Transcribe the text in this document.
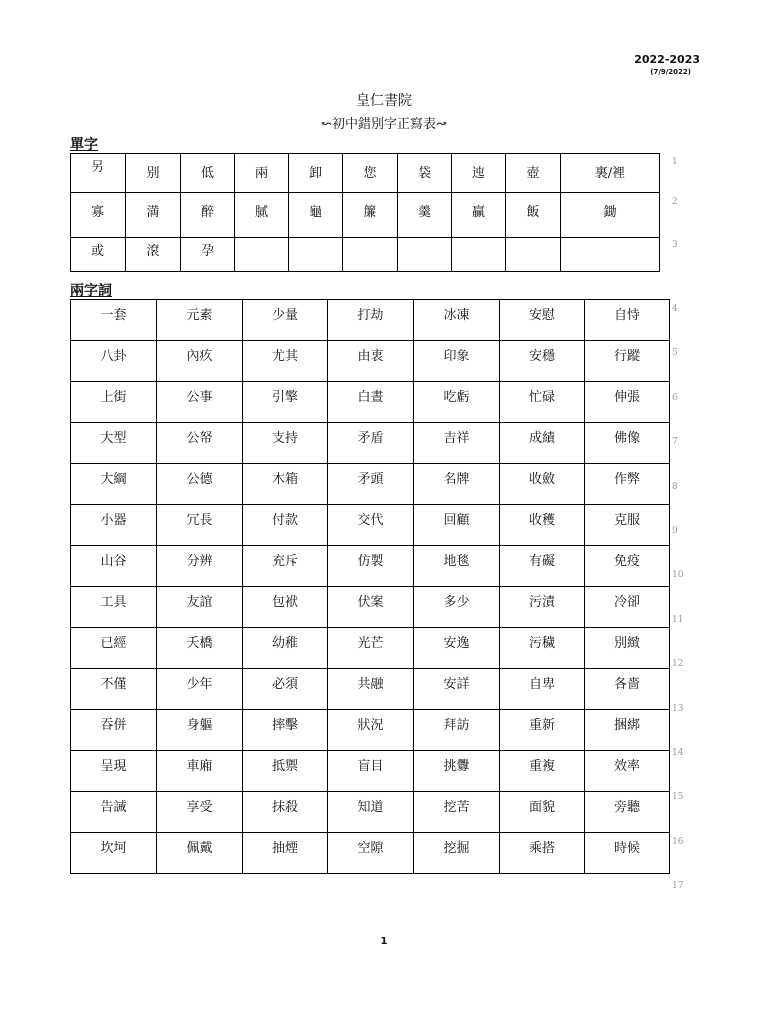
2022-2023
(7/9/2022)
皇仁書院
↜初中錯別字正寫表↝
單字
另	别	低	兩	卸	您	袋	迍	壺	裏/裡
寡	満	醉	膩	龜	簾	羹	贏	飯	鋤
或	滾	孕							
兩字詞
一套	元素	少量	打劫	冰凍	安慰	自恃
八卦	內疚	尤其	由衷	印象	安穩	行蹤
上街	公事	引擎	白晝	吃虧	忙碌	伸張
大型	公帑	支持	矛盾	吉祥	成績	佛像
大綱	公德	木箱	矛頭	名牌	收斂	作弊
小器	冗長	付款	交代	回顧	收穫	克服
山谷	分辨	充斥	仿製	地毯	有礙	免疫
工具	友誼	包袱	伏案	多少	污漬	冷卻
已經	夭橋	幼稚	光芒	安逸	污穢	別緻
不僅	少年	必須	共融	安詳	自卑	各嗇
吞併	身軀	摔擊	狀況	拜訪	重新	捆綁
呈現	車廂	抵禦	盲目	挑釁	重複	效率
告誡	享受	抹殺	知道	挖苦	面貌	旁聽
坎坷	佩戴	抽煙	空隙	挖掘	乘搭	時候
1
2
3
4
5
6
7
8
9
10
11
12
13
14
15
16
17
1
